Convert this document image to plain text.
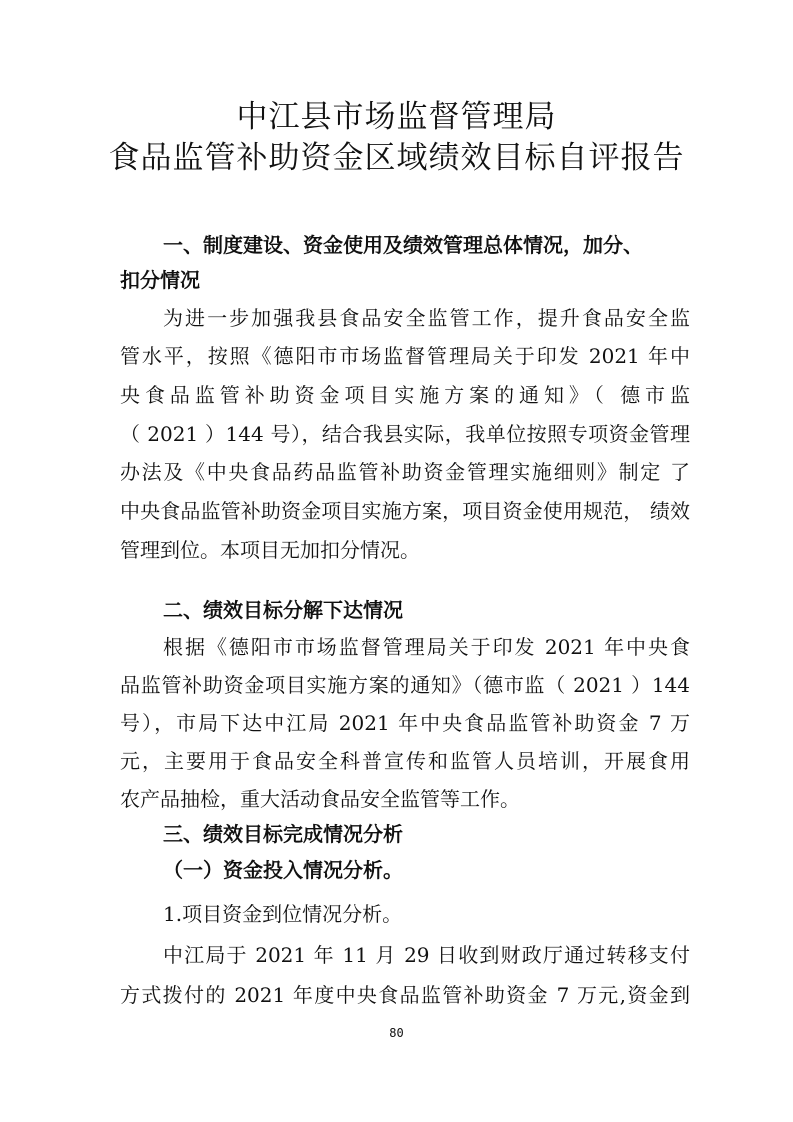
中江县市场监督管理局
食品监管补助资金区域绩效目标自评报告
一、制度建设、资金使用及绩效管理总体情况，加分、
扣分情况
为进一步加强我县食品安全监管工作，提升食品安全监
管水平，按照《德阳市市场监督管理局关于印发 2021 年中
央食品监管补助资金项目实施方案的通知》（ 德市监
（ 2021 ）144 号），结合我县实际，我单位按照专项资金管理
办法及《中央食品药品监管补助资金管理实施细则》制定 了
中央食品监管补助资金项目实施方案，项目资金使用规范， 绩效
管理到位。本项目无加扣分情况。
二、绩效目标分解下达情况
根据《德阳市市场监督管理局关于印发 2021 年中央食
品监管补助资金项目实施方案的通知》（德市监（ 2021 ）144
号），市局下达中江局 2021 年中央食品监管补助资金 7 万
元，主要用于食品安全科普宣传和监管人员培训，开展食用
农产品抽检，重大活动食品安全监管等工作。
三、绩效目标完成情况分析
（一）资金投入情况分析。
1.项目资金到位情况分析。
中江局于 2021 年 11 月 29 日收到财政厅通过转移支付
方式拨付的 2021 年度中央食品监管补助资金 7 万元,资金到
80
